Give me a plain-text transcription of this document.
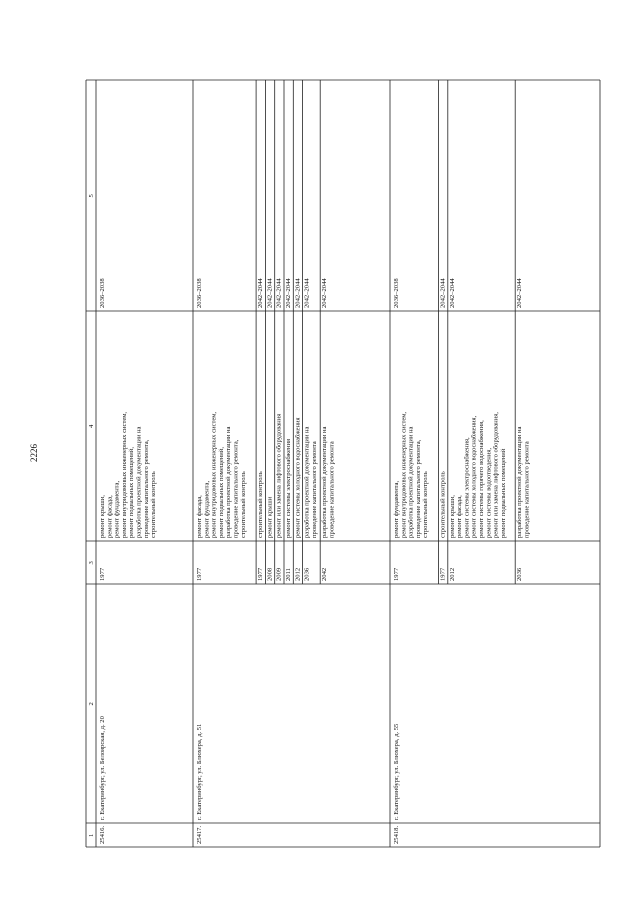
2226
1
2
3
4
5
25416.
г. Екатеринбург, ул. Белоярская, д. 20
1977
ремонт крыши, ремонт фасада, ремонт фундамента, ремонт внутридомовых инженерных систем, ремонт подвальных помещений, разработка проектной документации на проведение капитального ремонта, строительный контроль
2036–2038
25417.
г. Екатеринбург, ул. Блюхера, д. 51
1977
ремонт фасада, ремонт фундамента, ремонт внутридомовых инженерных систем, ремонт подвальных помещений, разработка проектной документации на проведение капитального ремонта, строительный контроль
2036–2038
1977
строительный контроль
2042–2044
2008
ремонт крыши
2042–2044
2009
ремонт или замена лифтового оборудования
2042–2044
2011
ремонт системы электроснабжения
2042–2044
2012
ремонт системы холодного водоснабжения
2042–2044
2036
разработка проектной документации на проведение капитального ремонта
2042–2044
2042
разработка проектной документации на проведение капитального ремонта
2042–2044
25418.
г. Екатеринбург, ул. Блюхера, д. 55
1977
ремонт фундамента, ремонт внутридомовых инженерных систем, разработка проектной документации на проведение капитального ремонта, строительный контроль
2036–2038
1977
строительный контроль
2042–2044
2012
ремонт крыши, ремонт фасада, ремонт системы электроснабжения, ремонт системы холодного водоснабжения, ремонт системы горячего водоснабжения, ремонт системы водоотведения, ремонт или замена лифтового оборудования, ремонт подвальных помещений
2042–2044
2036
разработка проектной документации на проведение капитального ремонта
2042–2044
